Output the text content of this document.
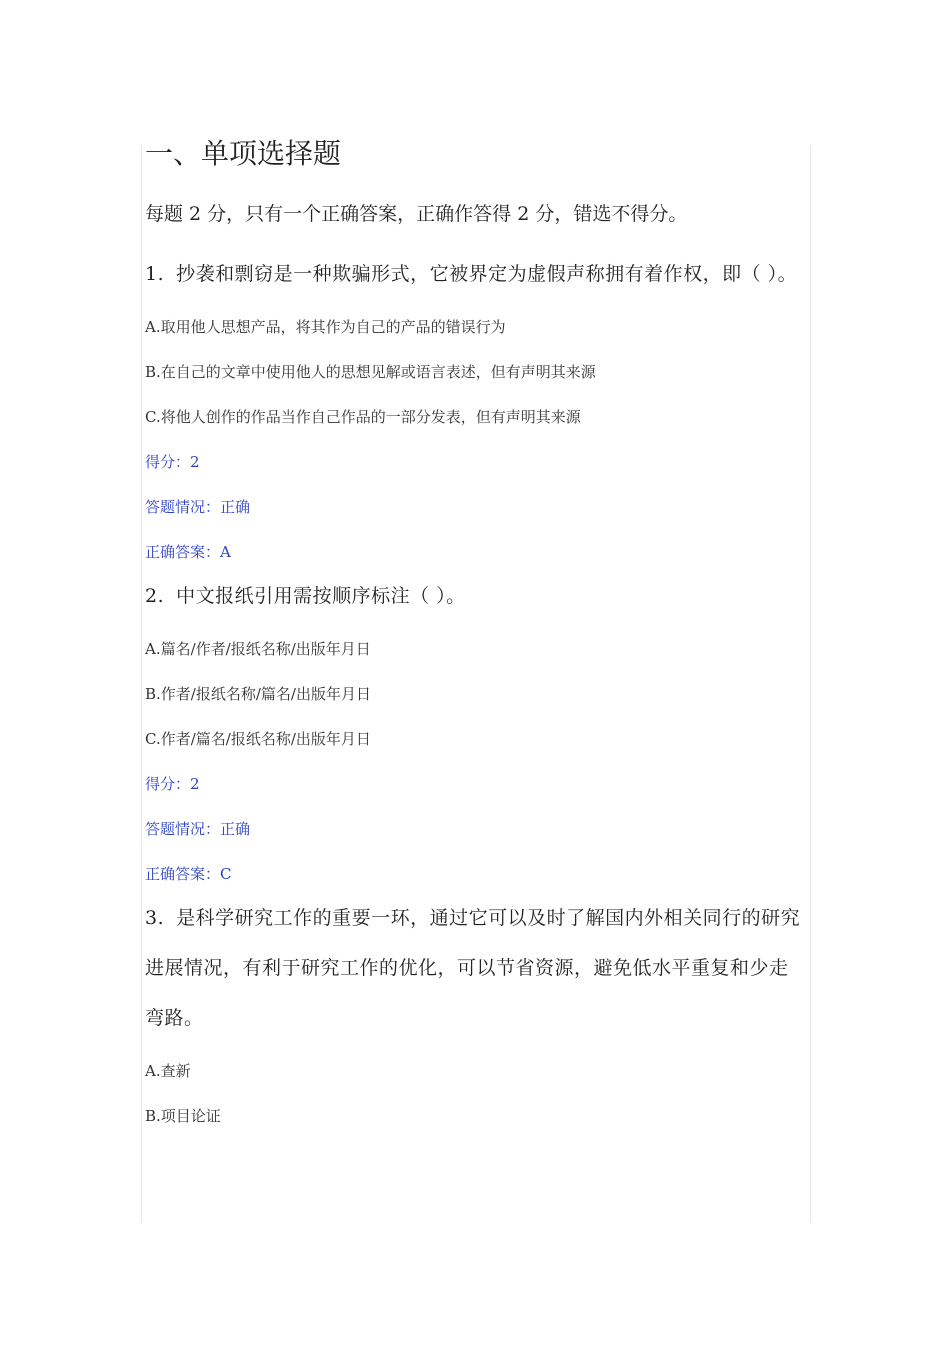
一、单项选择题

每题 2 分，只有一个正确答案，正确作答得 2 分，错选不得分。

1. 抄袭和剽窃是一种欺骗形式，它被界定为虚假声称拥有着作权，即（ ）。

A.取用他人思想产品，将其作为自己的产品的错误行为

B.在自己的文章中使用他人的思想见解或语言表述，但有声明其来源

C.将他人创作的作品当作自己作品的一部分发表，但有声明其来源

得分：2

答题情况：正确

正确答案：A

2. 中文报纸引用需按顺序标注（ ）。

A.篇名/作者/报纸名称/出版年月日

B.作者/报纸名称/篇名/出版年月日

C.作者/篇名/报纸名称/出版年月日

得分：2

答题情况：正确

正确答案：C

3. 是科学研究工作的重要一环，通过它可以及时了解国内外相关同行的研究进展情况，有利于研究工作的优化，可以节省资源，避免低水平重复和少走弯路。

A.查新

B.项目论证
